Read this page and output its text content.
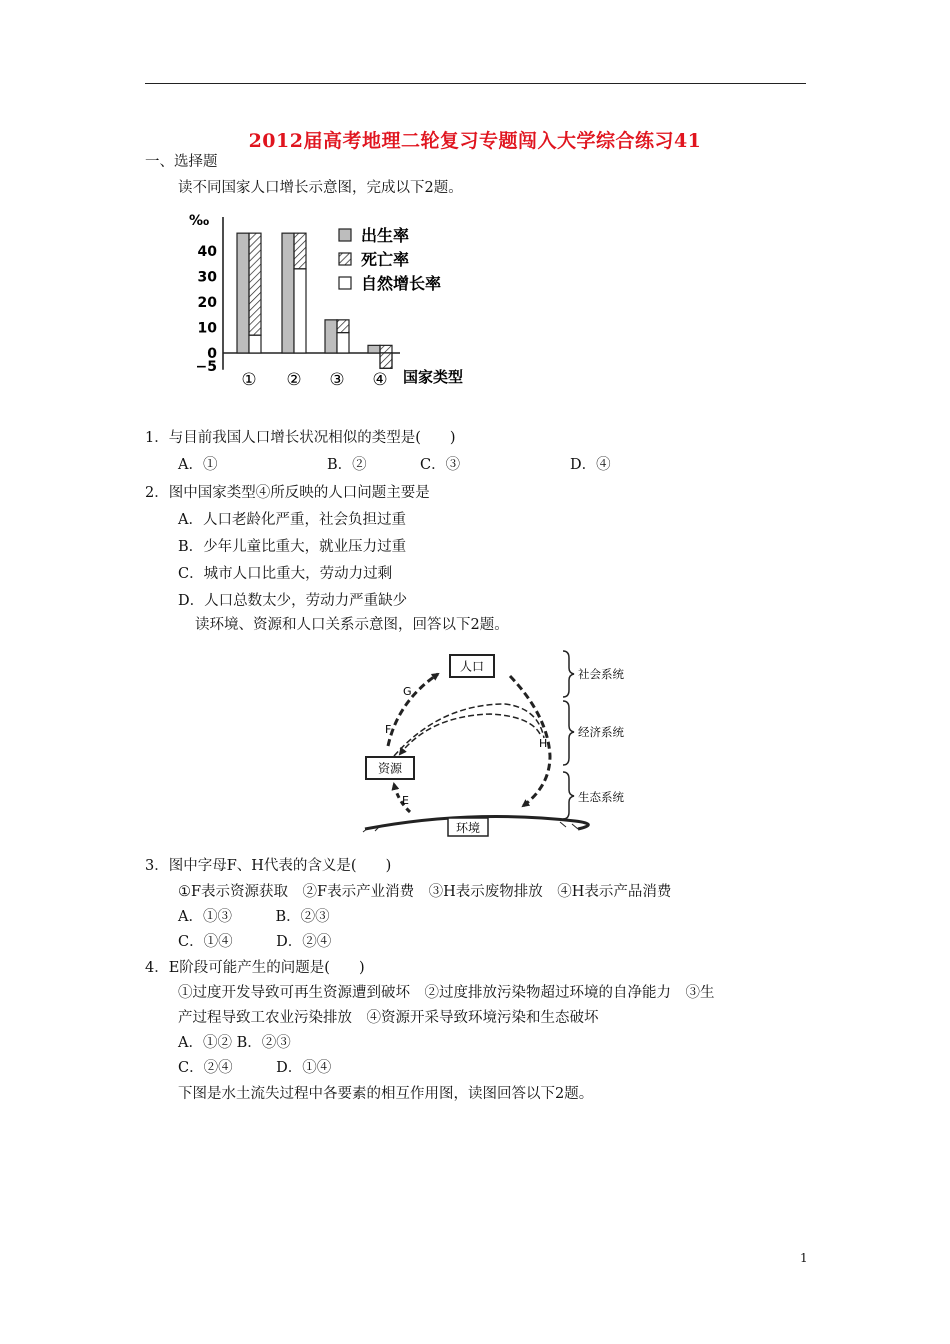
2012届高考地理二轮复习专题闯入大学综合练习41
一、选择题
读不同国家人口增长示意图，完成以下2题。
‰
40
30
20
10
0
−5
① ② ③ ④ 国家类型
出生率
死亡率
自然增长率
1．与目前我国人口增长状况相似的类型是(　　)
A．①	B．②	C．③	D．④
2．图中国家类型④所反映的人口问题主要是
A．人口老龄化严重，社会负担过重
B．少年儿童比重大，就业压力过重
C．城市人口比重大，劳动力过剩
D．人口总数太少，劳动力严重缺少
读环境、资源和人口关系示意图，回答以下2题。
人口
资源
环境
G
F
H
E
社会系统
经济系统
生态系统
3．图中字母F、H代表的含义是(　　)
①F表示资源获取　②F表示产业消费　③H表示废物排放　④H表示产品消费
A．①③　　　B．②③
C．①④　　　D．②④
4．E阶段可能产生的问题是(　　)
①过度开发导致可再生资源遭到破坏　②过度排放污染物超过环境的自净能力　③生
产过程导致工农业污染排放　④资源开采导致环境污染和生态破坏
A．①② B．②③
C．②④　　　D．①④
下图是水土流失过程中各要素的相互作用图，读图回答以下2题。
1
